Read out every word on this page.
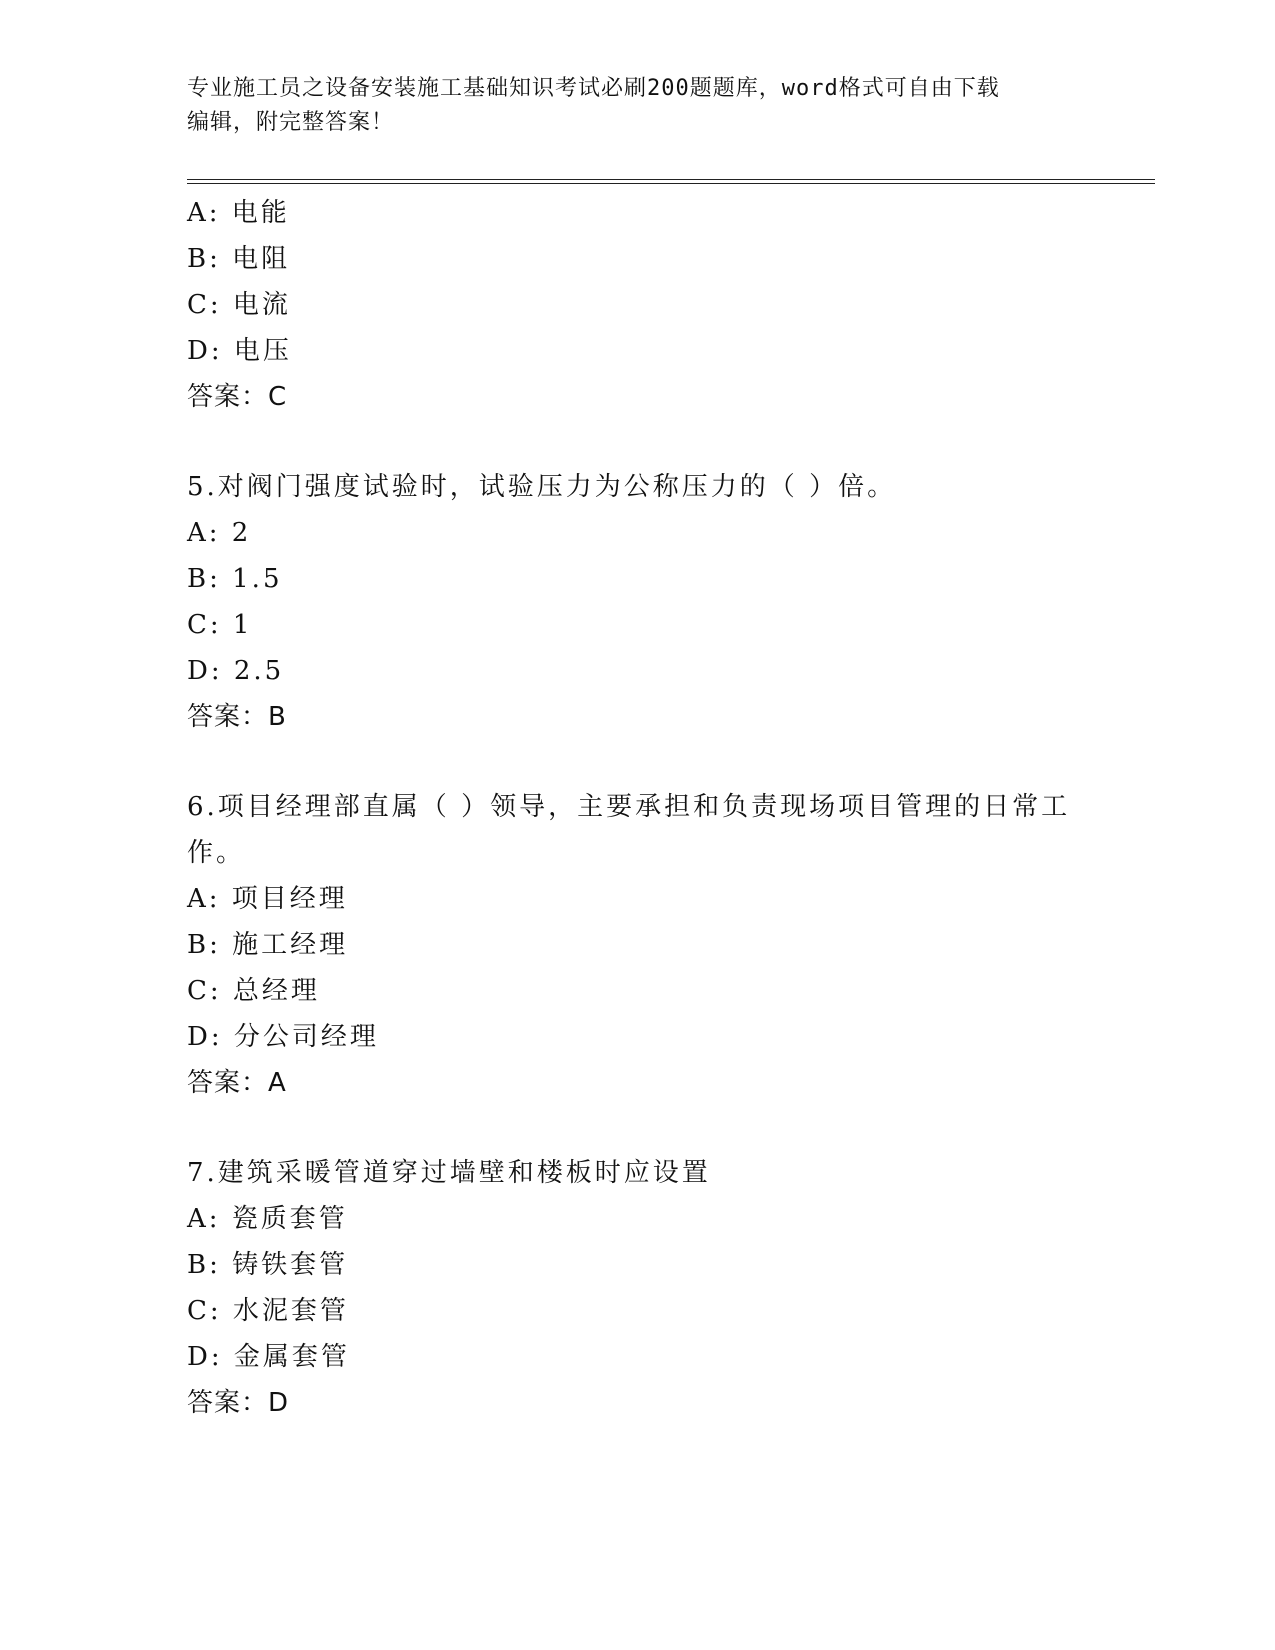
专业施工员之设备安装施工基础知识考试必刷200题题库，word格式可自由下载
编辑，附完整答案！
A: 电能
B: 电阻
C: 电流
D: 电压
答案：C
5.对阀门强度试验时，试验压力为公称压力的（ ）倍。
A: 2
B: 1.5
C: 1
D: 2.5
答案：B
6.项目经理部直属（ ）领导，主要承担和负责现场项目管理的日常工
作。
A: 项目经理
B: 施工经理
C: 总经理
D: 分公司经理
答案：A
7.建筑采暖管道穿过墙壁和楼板时应设置
A: 瓷质套管
B: 铸铁套管
C: 水泥套管
D: 金属套管
答案：D
